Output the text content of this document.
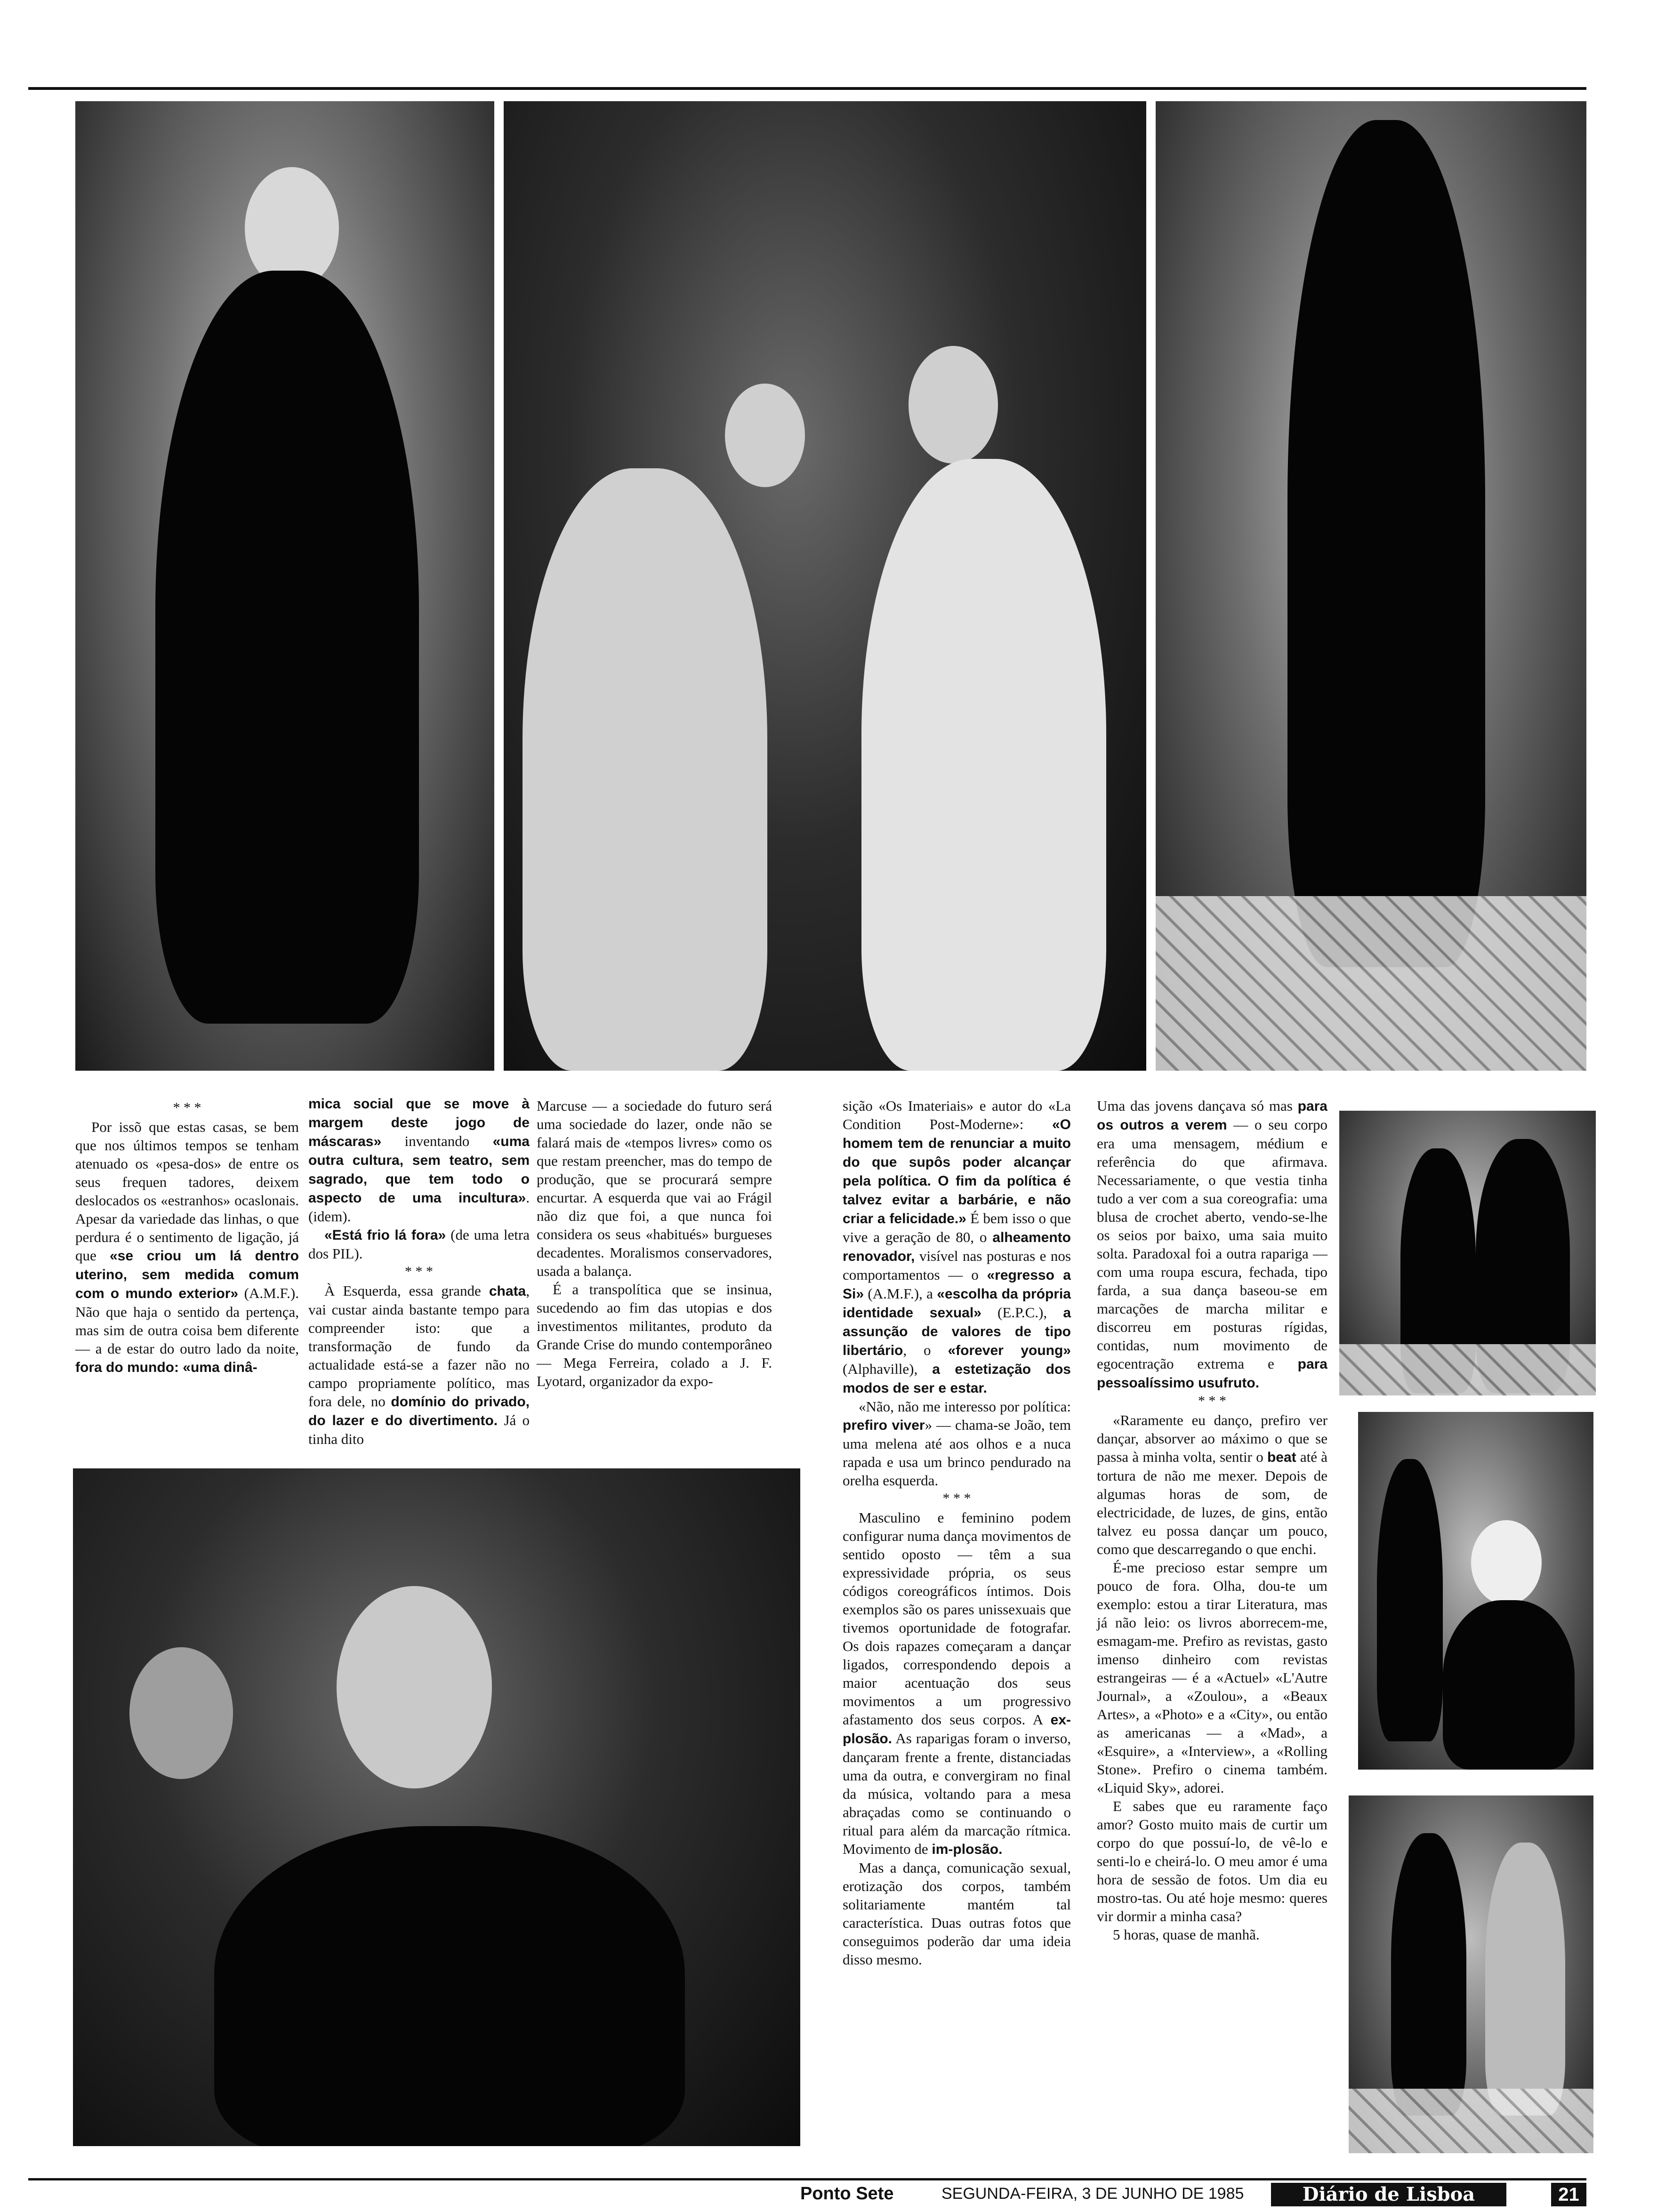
* * *

Por issõ que estas casas, se bem que nos últimos tempos se tenham atenuado os «pesa-dos» de entre os seus frequen tadores, deixem deslocados os «estranhos» ocaslonais. Apesar da variedade das linhas, o que perdura é o sentimento de ligação, já que «se criou um lá dentro uterino, sem medida comum com o mundo exterior» (A.M.F.). Não que haja o sentido da pertença, mas sim de outra coisa bem diferente — a de estar do outro lado da noite, fora do mundo: «uma dinâ-

mica social que se move à margem deste jogo de máscaras» inventando «uma outra cultura, sem teatro, sem sagrado, que tem todo o aspecto de uma incultura». (idem).

«Está frio lá fora» (de uma letra dos PIL).

* * *

À Esquerda, essa grande chata, vai custar ainda bastante tempo para compreender isto: que a transformação de fundo da actualidade está-se a fazer não no campo propriamente político, mas fora dele, no domínio do privado, do lazer e do divertimento. Já o tinha dito

Marcuse — a sociedade do futuro será uma sociedade do lazer, onde não se falará mais de «tempos livres» como os que restam preencher, mas do tempo de produção, que se procurará sempre encurtar. A esquerda que vai ao Frágil não diz que foi, a que nunca foi considera os seus «habitués» burgueses decadentes. Moralismos conservadores, usada a balança.

É a transpolítica que se insinua, sucedendo ao fim das utopias e dos investimentos militantes, produto da Grande Crise do mundo contemporâneo — Mega Ferreira, colado a J. F. Lyotard, organizador da expo-

sição «Os Imateriais» e autor do «La Condition Post-Moderne»: «O homem tem de renunciar a muito do que supôs poder alcançar pela política. O fim da política é talvez evitar a barbárie, e não criar a felicidade.» É bem isso o que vive a geração de 80, o alheamento renovador, visível nas posturas e nos comportamentos — o «regresso a Si» (A.M.F.), a «escolha da própria identidade sexual» (E.P.C.), a assunção de valores de tipo libertário, o «forever young» (Alphaville), a estetização dos modos de ser e estar.

«Não, não me interesso por política: prefiro viver» — chama-se João, tem uma melena até aos olhos e a nuca rapada e usa um brinco pendurado na orelha esquerda.

* * *

Masculino e feminino podem configurar numa dança movimentos de sentido oposto — têm a sua expressividade própria, os seus códigos coreográficos íntimos. Dois exemplos são os pares unissexuais que tivemos oportunidade de fotografar. Os dois rapazes começaram a dançar ligados, correspondendo depois a maior acentuação dos seus movimentos a um progressivo afastamento dos seus corpos. A ex-plosão. As raparigas foram o inverso, dançaram frente a frente, distanciadas uma da outra, e convergiram no final da música, voltando para a mesa abraçadas como se continuando o ritual para além da marcação rítmica. Movimento de im-plosão.

Mas a dança, comunicação sexual, erotização dos corpos, também solitariamente mantém tal característica. Duas outras fotos que conseguimos poderão dar uma ideia disso mesmo.

Uma das jovens dançava só mas para os outros a verem — o seu corpo era uma mensagem, médium e referência do que afirmava. Necessariamente, o que vestia tinha tudo a ver com a sua coreografia: uma blusa de crochet aberto, vendo-se-lhe os seios por baixo, uma saia muito solta. Paradoxal foi a outra rapariga — com uma roupa escura, fechada, tipo farda, a sua dança baseou-se em marcações de marcha militar e discorreu em posturas rígidas, contidas, num movimento de egocentração extrema e para pessoalíssimo usufruto.

* * *

«Raramente eu danço, prefiro ver dançar, absorver ao máximo o que se passa à minha volta, sentir o beat até à tortura de não me mexer. Depois de algumas horas de som, de electricidade, de luzes, de gins, então talvez eu possa dançar um pouco, como que descarregando o que enchi.

É-me precioso estar sempre um pouco de fora. Olha, dou-te um exemplo: estou a tirar Literatura, mas já não leio: os livros aborrecem-me, esmagam-me. Prefiro as revistas, gasto imenso dinheiro com revistas estrangeiras — é a «Actuel» «L'Autre Journal», a «Zoulou», a «Beaux Artes», a «Photo» e a «City», ou então as americanas — a «Mad», a «Esquire», a «Interview», a «Rolling Stone». Prefiro o cinema também. «Liquid Sky», adorei.

E sabes que eu raramente faço amor? Gosto muito mais de curtir um corpo do que possuí-lo, de vê-lo e senti-lo e cheirá-lo. O meu amor é uma hora de sessão de fotos. Um dia eu mostro-tas. Ou até hoje mesmo: queres vir dormir a minha casa?

5 horas, quase de manhã.

Ponto Sete	SEGUNDA-FEIRA, 3 DE JUNHO DE 1985	Diário de Lisboa	21
